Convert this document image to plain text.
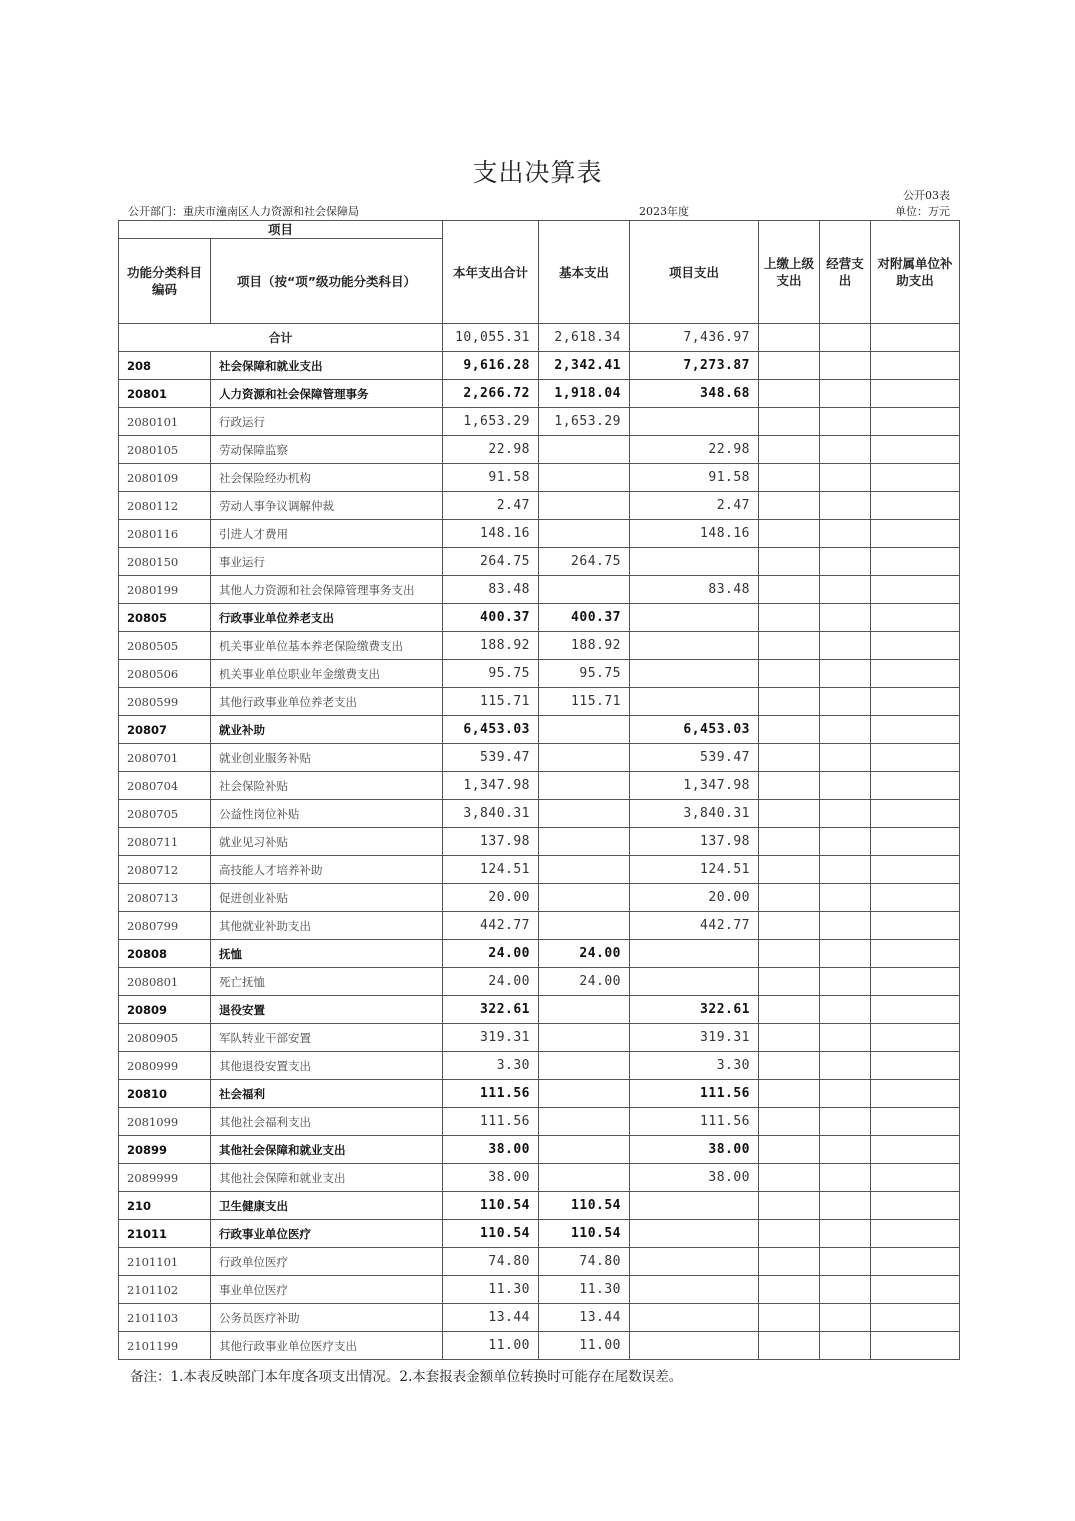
支出决算表
公开03表
公开部门：重庆市潼南区人力资源和社会保障局	2023年度	单位：万元
项目		本年支出合计	基本支出	项目支出	上缴上级支出	经营支出	对附属单位补助支出
功能分类科目编码	项目（按“项”级功能分类科目）						
合计		10,055.31	2,618.34	7,436.97			
208	社会保障和就业支出	9,616.28	2,342.41	7,273.87			
20801	人力资源和社会保障管理事务	2,266.72	1,918.04	348.68			
2080101	行政运行	1,653.29	1,653.29				
2080105	劳动保障监察	22.98		22.98			
2080109	社会保险经办机构	91.58		91.58			
2080112	劳动人事争议调解仲裁	2.47		2.47			
2080116	引进人才费用	148.16		148.16			
2080150	事业运行	264.75	264.75				
2080199	其他人力资源和社会保障管理事务支出	83.48		83.48			
20805	行政事业单位养老支出	400.37	400.37				
2080505	机关事业单位基本养老保险缴费支出	188.92	188.92				
2080506	机关事业单位职业年金缴费支出	95.75	95.75				
2080599	其他行政事业单位养老支出	115.71	115.71				
20807	就业补助	6,453.03		6,453.03			
2080701	就业创业服务补贴	539.47		539.47			
2080704	社会保险补贴	1,347.98		1,347.98			
2080705	公益性岗位补贴	3,840.31		3,840.31			
2080711	就业见习补贴	137.98		137.98			
2080712	高技能人才培养补助	124.51		124.51			
2080713	促进创业补贴	20.00		20.00			
2080799	其他就业补助支出	442.77		442.77			
20808	抚恤	24.00	24.00				
2080801	死亡抚恤	24.00	24.00				
20809	退役安置	322.61		322.61			
2080905	军队转业干部安置	319.31		319.31			
2080999	其他退役安置支出	3.30		3.30			
20810	社会福利	111.56		111.56			
2081099	其他社会福利支出	111.56		111.56			
20899	其他社会保障和就业支出	38.00		38.00			
2089999	其他社会保障和就业支出	38.00		38.00			
210	卫生健康支出	110.54	110.54				
21011	行政事业单位医疗	110.54	110.54				
2101101	行政单位医疗	74.80	74.80				
2101102	事业单位医疗	11.30	11.30				
2101103	公务员医疗补助	13.44	13.44				
2101199	其他行政事业单位医疗支出	11.00	11.00				
备注：1.本表反映部门本年度各项支出情况。2.本套报表金额单位转换时可能存在尾数误差。
